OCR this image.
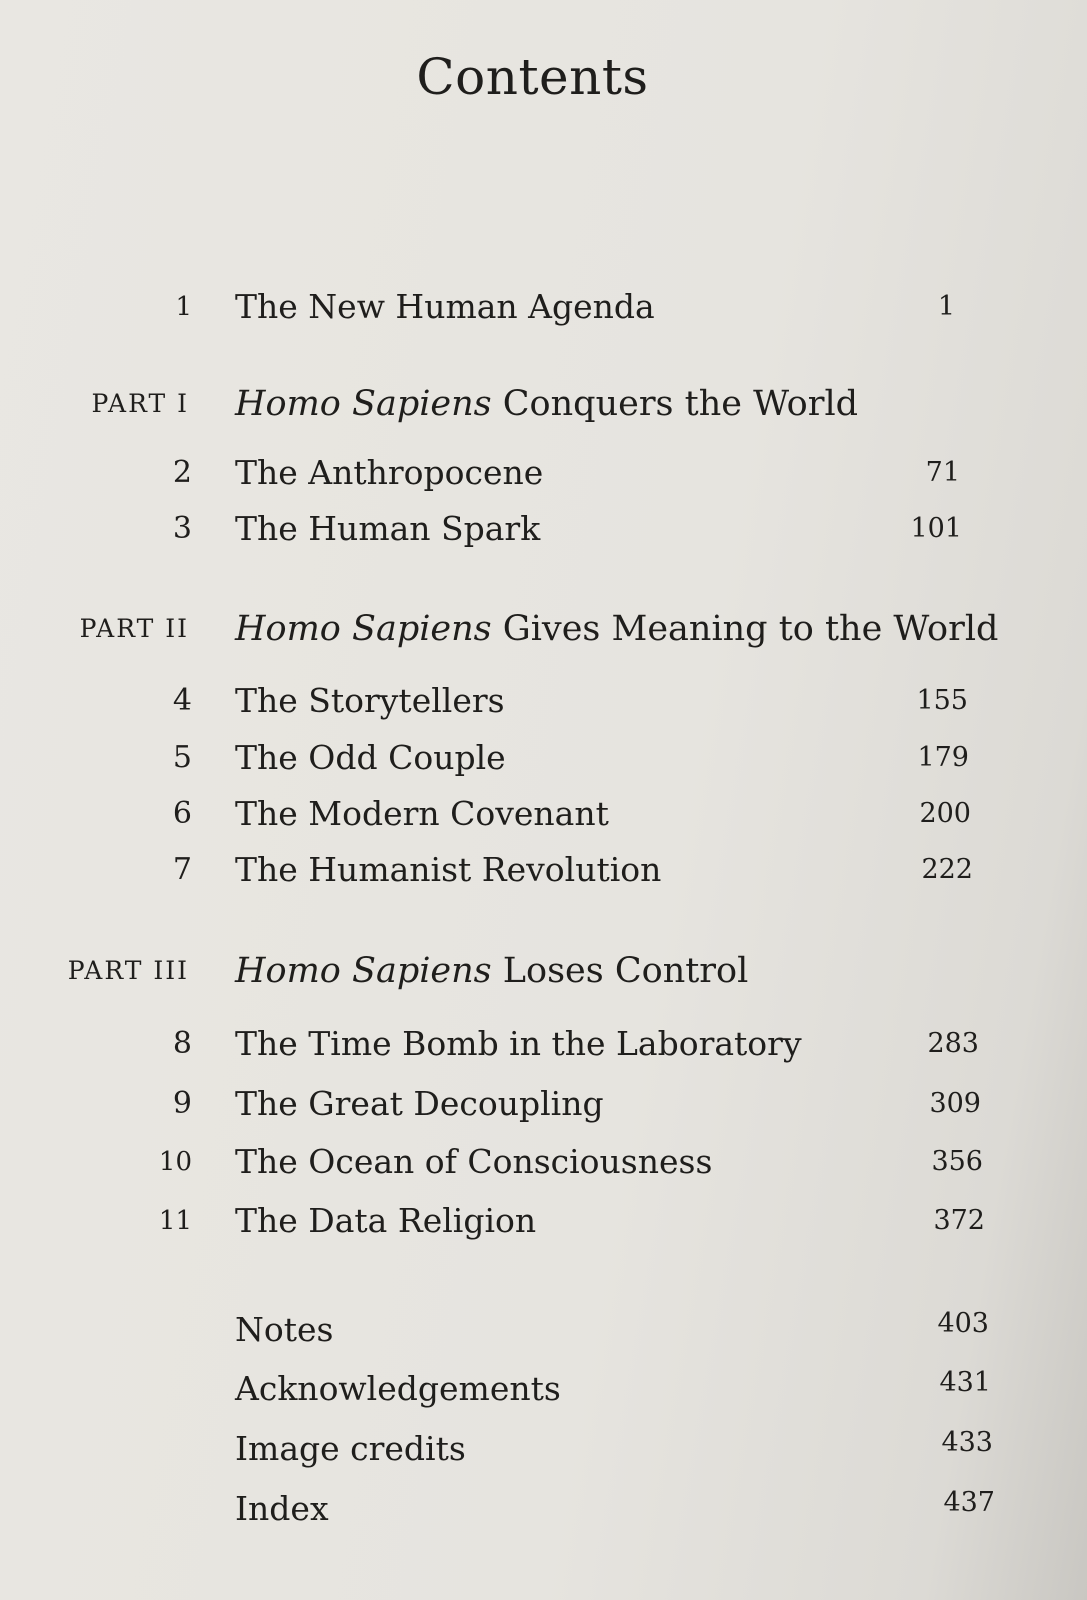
Contents
1 The New Human Agenda	1
PART I Homo Sapiens Conquers the World
2 The Anthropocene	71
3 The Human Spark	101
PART II Homo Sapiens Gives Meaning to the World
4 The Storytellers	155
5 The Odd Couple	179
6 The Modern Covenant	200
7 The Humanist Revolution	222
PART III Homo Sapiens Loses Control
8 The Time Bomb in the Laboratory	283
9 The Great Decoupling	309
10 The Ocean of Consciousness	356
11 The Data Religion	372
Notes	403
Acknowledgements	431
Image credits	433
Index	437
